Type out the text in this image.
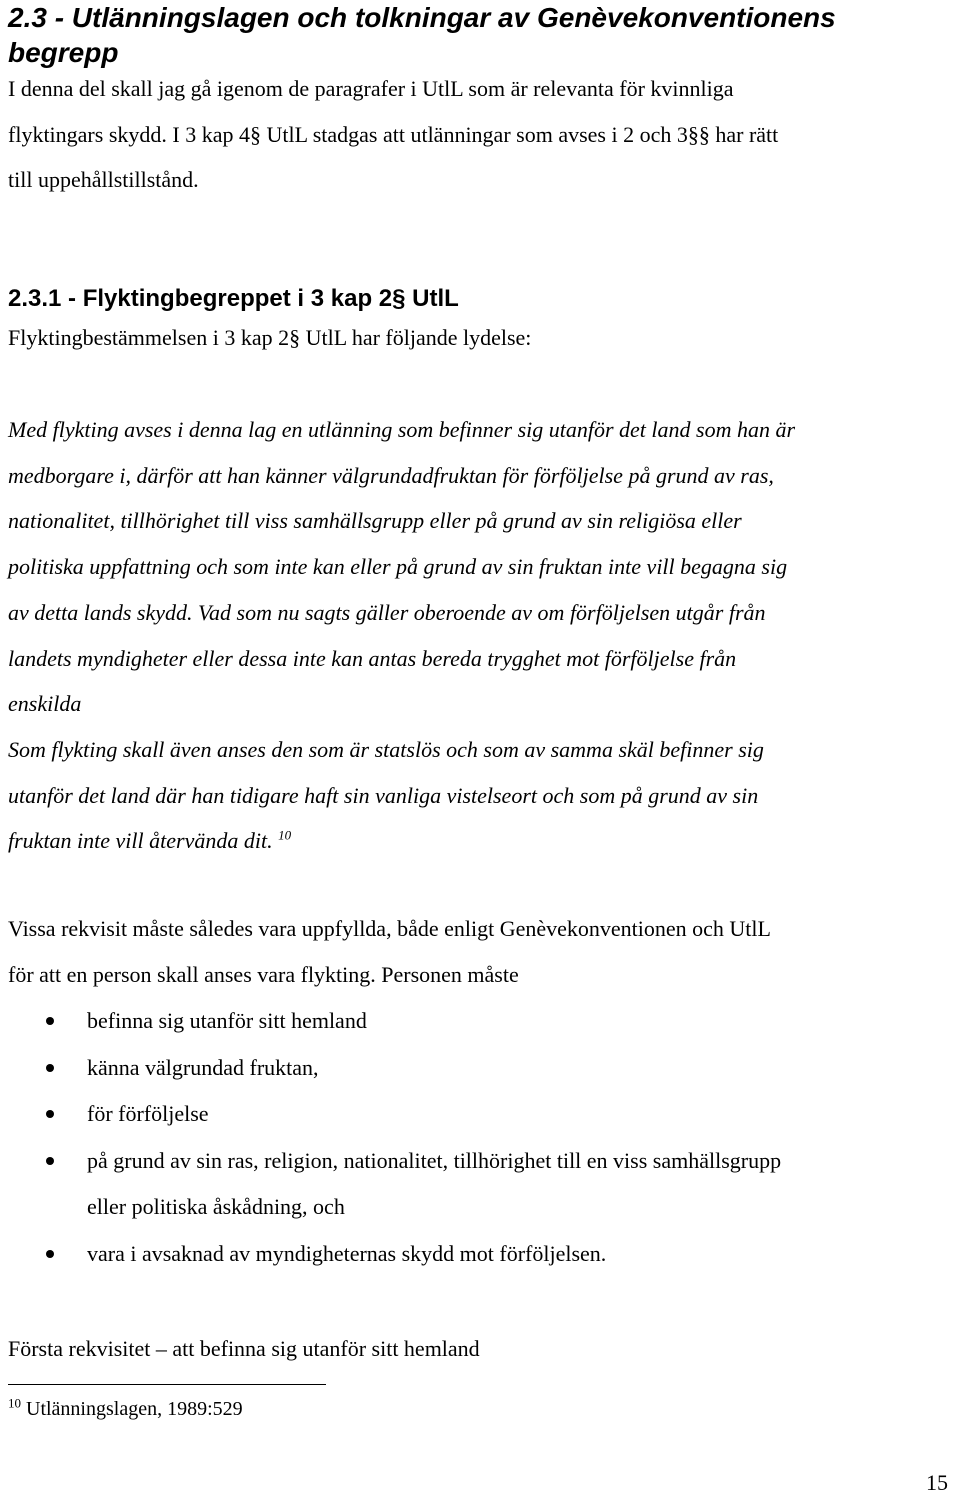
2.3 - Utlänningslagen och tolkningar av Genèvekonventionens begrepp

I denna del skall jag gå igenom de paragrafer i UtlL som är relevanta för kvinnliga
flyktingars skydd. I 3 kap 4§ UtlL stadgas att utlänningar som avses i 2 och 3§§ har rätt
till uppehållstillstånd.

2.3.1 - Flyktingbegreppet i 3 kap 2§ UtlL

Flyktingbestämmelsen i 3 kap 2§ UtlL har följande lydelse:

Med flykting avses i denna lag en utlänning som befinner sig utanför det land som han är
medborgare i, därför att han känner välgrundadfruktan för förföljelse på grund av ras,
nationalitet, tillhörighet till viss samhällsgrupp eller på grund av sin religiösa eller
politiska uppfattning och som inte kan eller på grund av sin fruktan inte vill begagna sig
av detta lands skydd. Vad som nu sagts gäller oberoende av om förföljelsen utgår från
landets myndigheter eller dessa inte kan antas bereda trygghet mot förföljelse från
enskilda
Som flykting skall även anses den som är statslös och som av samma skäl befinner sig
utanför det land där han tidigare haft sin vanliga vistelseort och som på grund av sin
fruktan inte vill återvända dit. $^{10}$

Vissa rekvisit måste således vara uppfyllda, både enligt Genèvekonventionen och UtlL
för att en person skall anses vara flykting. Personen måste

befinna sig utanför sitt hemland
känna välgrundad fruktan,
för förföljelse
på grund av sin ras, religion, nationalitet, tillhörighet till en viss samhällsgrupp
eller politiska åskådning, och
vara i avsaknad av myndigheternas skydd mot förföljelsen.

Första rekvisitet – att befinna sig utanför sitt hemland

$^{10}$ Utlänningslagen, 1989:529
15
